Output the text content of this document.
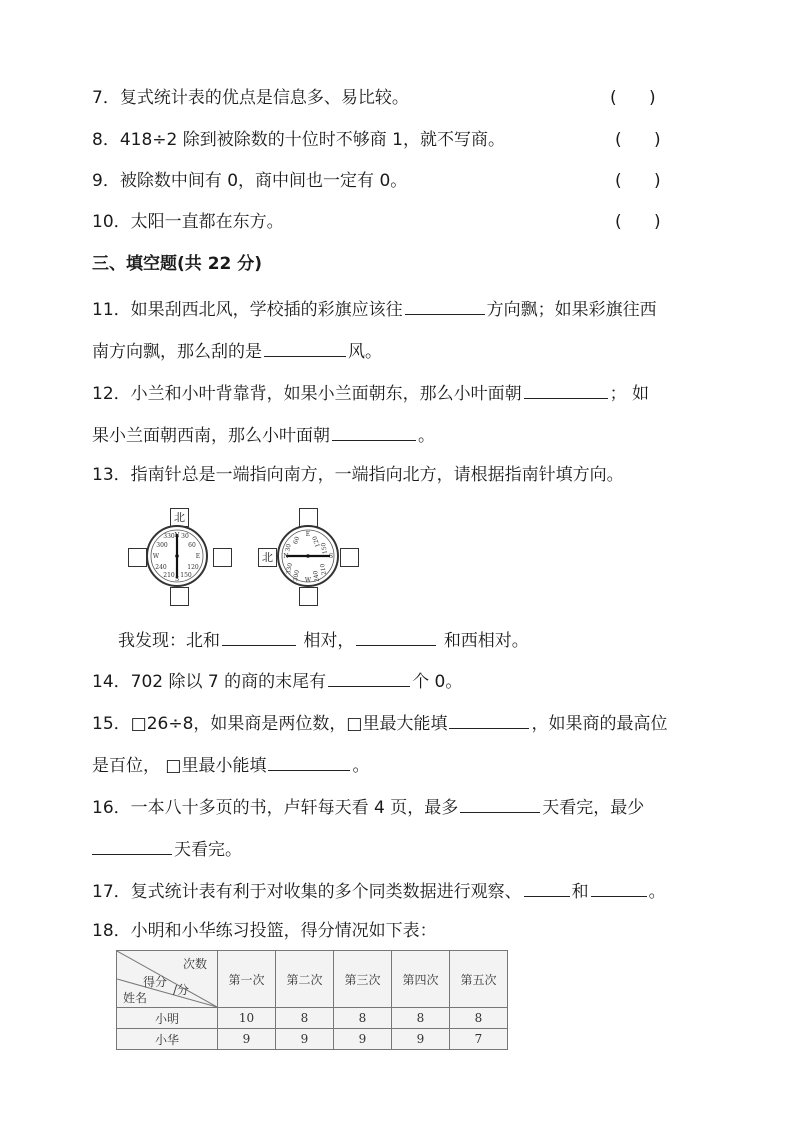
7．复式统计表的优点是信息多、易比较。	(      )
8．418÷2 除到被除数的十位时不够商 1，就不写商。	(      )
9．被除数中间有 0，商中间也一定有 0。	(      )
10．太阳一直都在东方。	(      )
三、填空题(共 22 分)
11．如果刮西北风，学校插的彩旗应该往	方向飘；如果彩旗往西
南方向飘，那么刮的是	风。
12．小兰和小叶背靠背，如果小兰面朝东，那么小叶面朝	； 如
果小兰面朝西南，那么小叶面朝	。
13．指南针总是一端指向南方，一端指向北方，请根据指南针填方向。
北
330 N 30
300	60
W	E
240	120
210
S
150
北
E
60 120
30	150
N	S
330	210
300 240
W
我发现：北和	相对，	和西相对。
14．702 除以 7 的商的末尾有	个 0。
15．□26÷8，如果商是两位数，□里最大能填	，如果商的最高位
是百位， □里最小能填	。
16．一本八十多页的书，卢轩每天看 4 页，最多	天看完，最少
天看完。
17．复式统计表有利于对收集的多个同类数据进行观察、	和	。
18．小明和小华练习投篮，得分情况如下表：
次数
得分
/分
姓名	第一次	第二次	第三次	第四次	第五次
小明	10	8	8	8	8
小华	9	9	9	9	7
